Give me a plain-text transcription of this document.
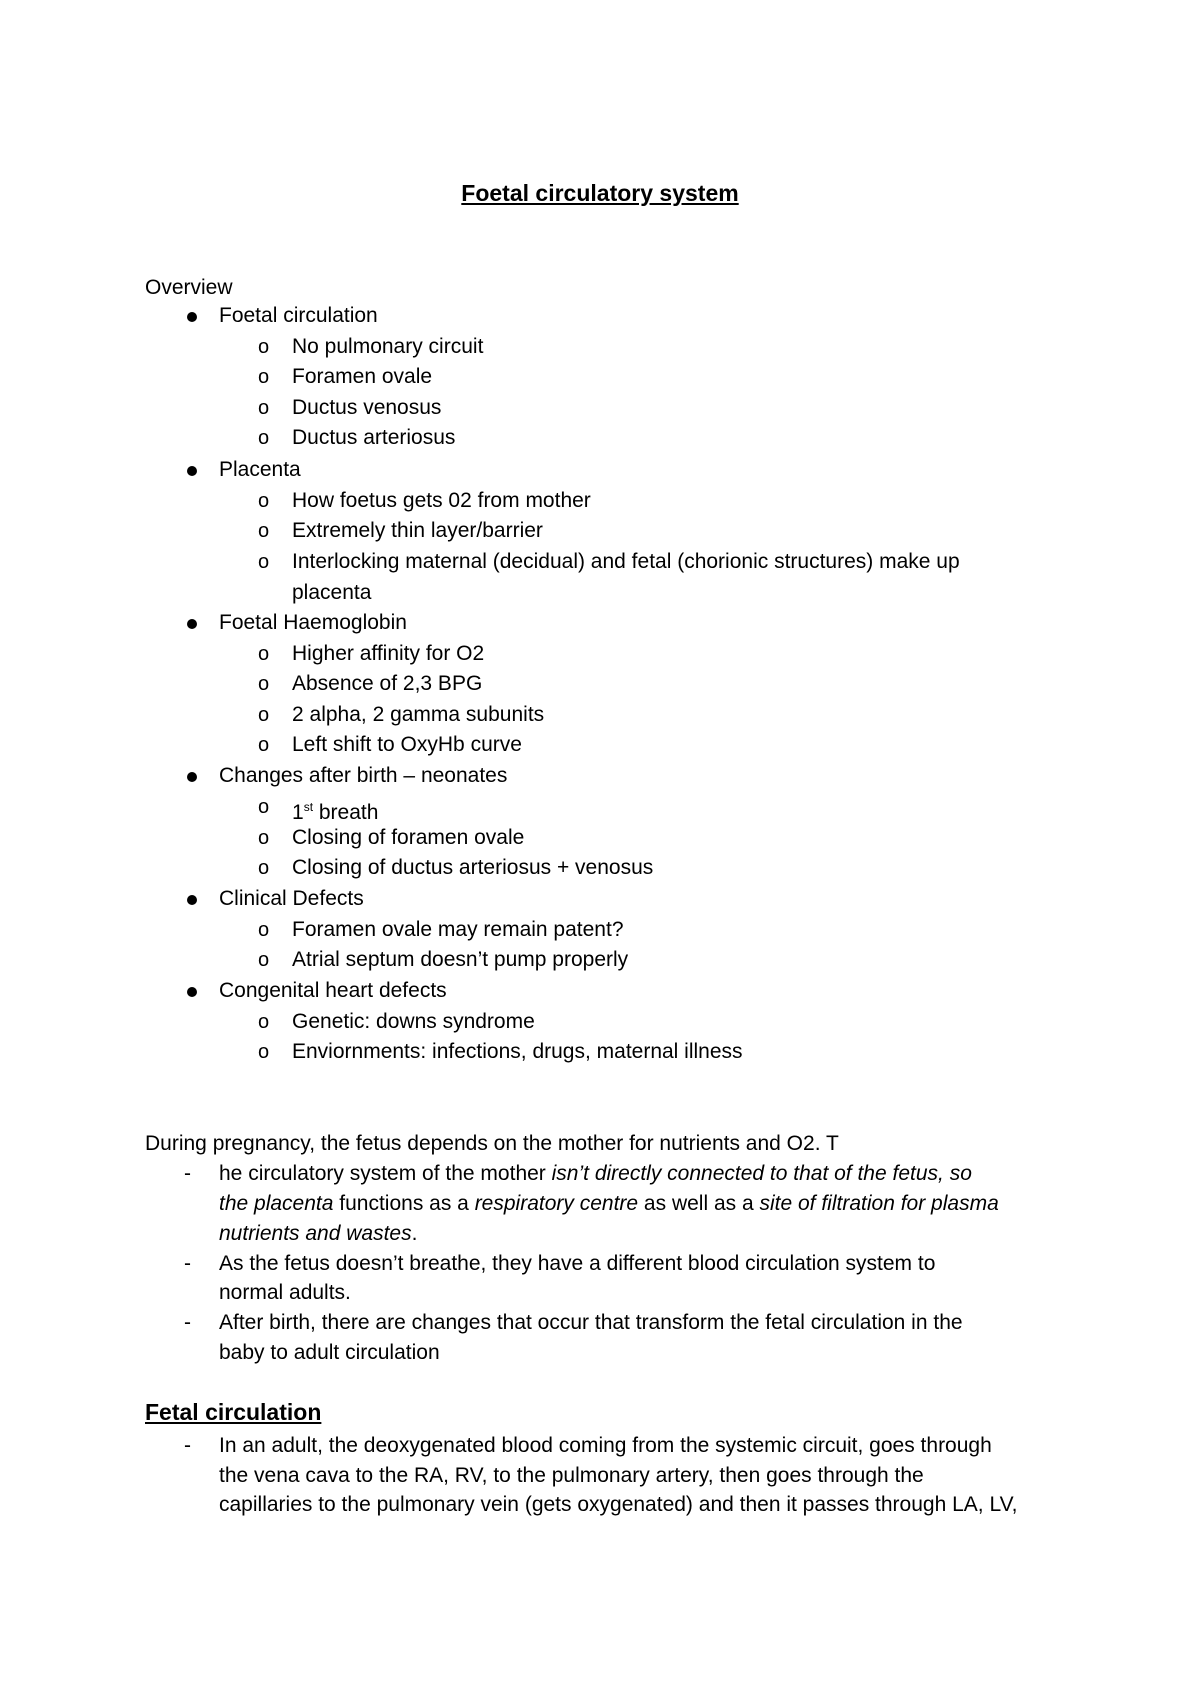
Foetal circulatory system
Overview
Foetal circulation
o No pulmonary circuit
o Foramen ovale
o Ductus venosus
o Ductus arteriosus
Placenta
o How foetus gets 02 from mother
o Extremely thin layer/barrier
o Interlocking maternal (decidual) and fetal (chorionic structures) make up
placenta
Foetal Haemoglobin
o Higher affinity for O2
o Absence of 2,3 BPG
o 2 alpha, 2 gamma subunits
o Left shift to OxyHb curve
Changes after birth – neonates
o 1st breath
o Closing of foramen ovale
o Closing of ductus arteriosus + venosus
Clinical Defects
o Foramen ovale may remain patent?
o Atrial septum doesn’t pump properly
Congenital heart defects
o Genetic: downs syndrome
o Enviornments: infections, drugs, maternal illness
During pregnancy, the fetus depends on the mother for nutrients and O2. T
- he circulatory system of the mother isn’t directly connected to that of the fetus, so
the placenta functions as a respiratory centre as well as a site of filtration for plasma
nutrients and wastes.
- As the fetus doesn’t breathe, they have a different blood circulation system to
normal adults.
- After birth, there are changes that occur that transform the fetal circulation in the
baby to adult circulation
Fetal circulation
- In an adult, the deoxygenated blood coming from the systemic circuit, goes through
the vena cava to the RA, RV, to the pulmonary artery, then goes through the
capillaries to the pulmonary vein (gets oxygenated) and then it passes through LA, LV,
